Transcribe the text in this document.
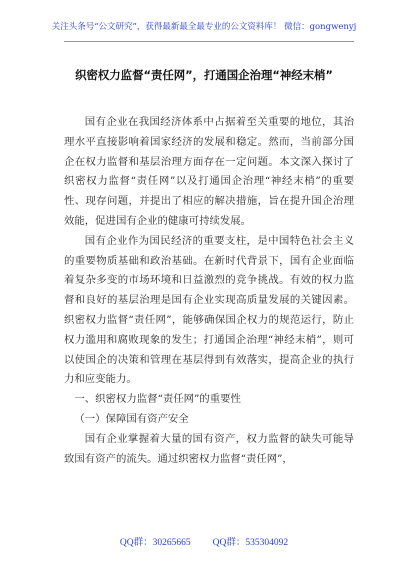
关注头条号“公文研究”，获得最新最全最专业的公文资料库！ 微信：gongwenyj
织密权力监督“责任网”，打通国企治理“神经末梢”

国有企业在我国经济体系中占据着至关重要的地位，其治理水平直接影响着国家经济的发展和稳定。然而，当前部分国企在权力监督和基层治理方面存在一定问题。本文深入探讨了织密权力监督“责任网”以及打通国企治理“神经末梢”的重要性、现存问题，并提出了相应的解决措施，旨在提升国企治理效能，促进国有企业的健康可持续发展。

国有企业作为国民经济的重要支柱，是中国特色社会主义的重要物质基础和政治基础。在新时代背景下，国有企业面临着复杂多变的市场环境和日益激烈的竞争挑战。有效的权力监督和良好的基层治理是国有企业实现高质量发展的关键因素。织密权力监督“责任网”，能够确保国企权力的规范运行，防止权力滥用和腐败现象的发生；打通国企治理“神经末梢”，则可以使国企的决策和管理在基层得到有效落实，提高企业的执行力和应变能力。

一、织密权力监督“责任网”的重要性

（一）保障国有资产安全

国有企业掌握着大量的国有资产，权力监督的缺失可能导致国有资产的流失。通过织密权力监督“责任网”，

QQ群：30265665 QQ群：535304092
